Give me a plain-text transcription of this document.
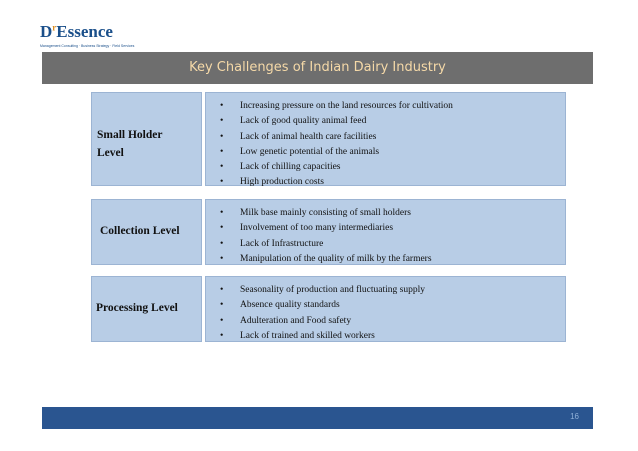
$D^rEssence$
Management Consulting · Business Strategy · Field Services
Key Challenges of Indian Dairy Industry
Small Holder
Level
• Increasing pressure on the land resources for cultivation
• Lack of good quality animal feed
• Lack of animal health care facilities
• Low genetic potential of the animals
• Lack of chilling capacities
• High production costs
Collection Level
• Milk base mainly consisting of small holders
• Involvement of too many intermediaries
• Lack of Infrastructure
• Manipulation of the quality of milk by the farmers
Processing Level
• Seasonality of production and fluctuating supply
• Absence quality standards
• Adulteration and Food safety
• Lack of trained and skilled workers
16
